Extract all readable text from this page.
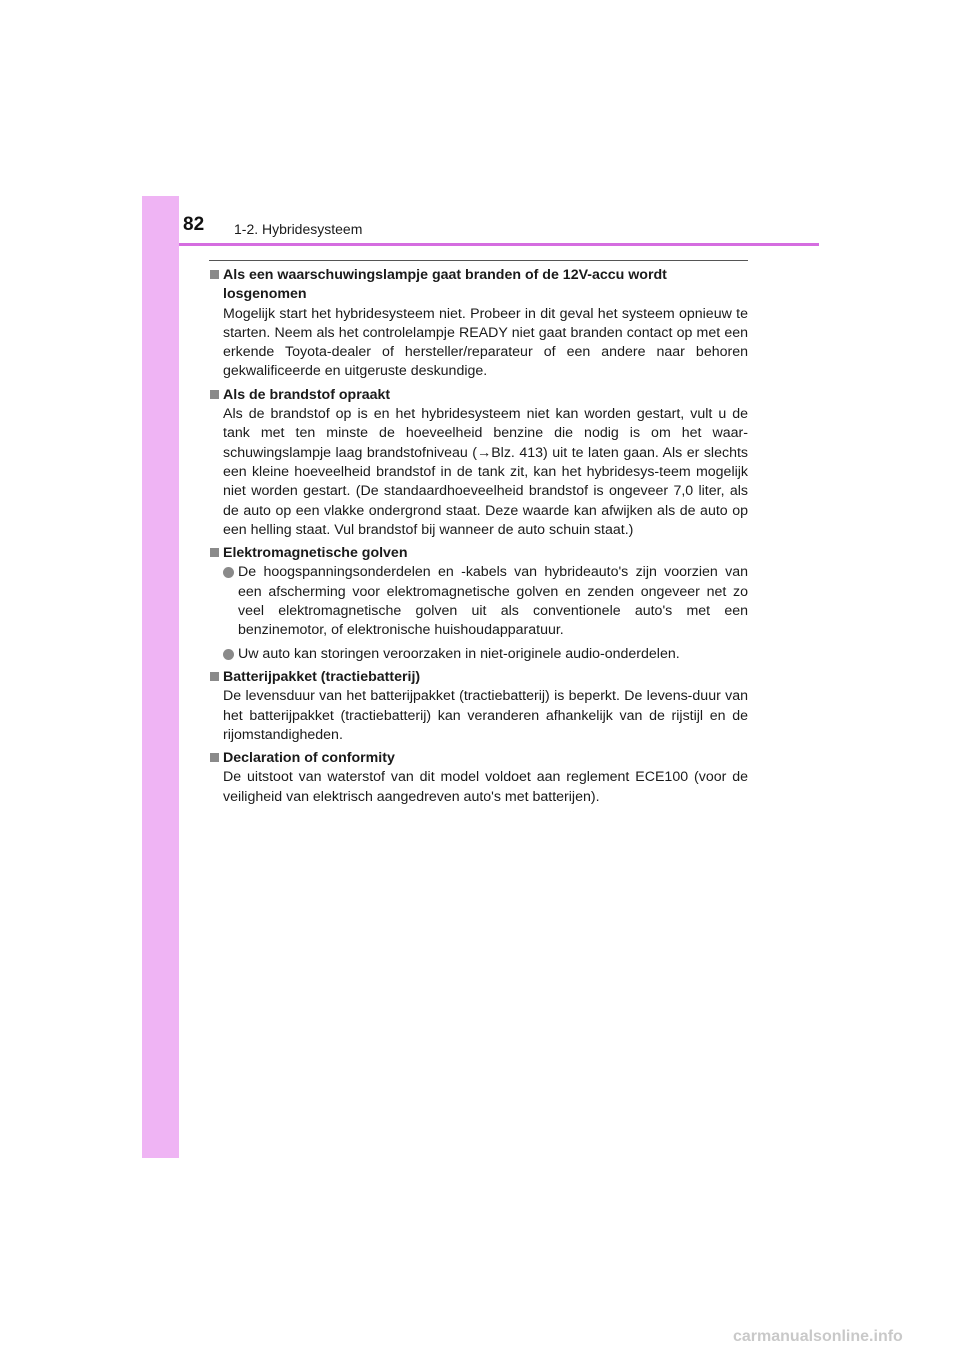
82 1-2. Hybridesysteem
Als een waarschuwingslampje gaat branden of de 12V-accu wordt losgenomen
Mogelijk start het hybridesysteem niet. Probeer in dit geval het systeem opnieuw te starten. Neem als het controlelampje READY niet gaat branden contact op met een erkende Toyota-dealer of hersteller/reparateur of een andere naar behoren gekwalificeerde en uitgeruste deskundige.
Als de brandstof opraakt
Als de brandstof op is en het hybridesysteem niet kan worden gestart, vult u de tank met ten minste de hoeveelheid benzine die nodig is om het waar-schuwingslampje laag brandstofniveau (→Blz. 413) uit te laten gaan. Als er slechts een kleine hoeveelheid brandstof in de tank zit, kan het hybridesys-teem mogelijk niet worden gestart. (De standaardhoeveelheid brandstof is ongeveer 7,0 liter, als de auto op een vlakke ondergrond staat. Deze waarde kan afwijken als de auto op een helling staat. Vul brandstof bij wanneer de auto schuin staat.)
Elektromagnetische golven
De hoogspanningsonderdelen en -kabels van hybrideauto's zijn voorzien van een afscherming voor elektromagnetische golven en zenden ongeveer net zo veel elektromagnetische golven uit als conventionele auto's met een benzinemotor, of elektronische huishoudapparatuur.
Uw auto kan storingen veroorzaken in niet-originele audio-onderdelen.
Batterijpakket (tractiebatterij)
De levensduur van het batterijpakket (tractiebatterij) is beperkt. De levens-duur van het batterijpakket (tractiebatterij) kan veranderen afhankelijk van de rijstijl en de rijomstandigheden.
Declaration of conformity
De uitstoot van waterstof van dit model voldoet aan reglement ECE100 (voor de veiligheid van elektrisch aangedreven auto's met batterijen).
carmanualsonline.info
